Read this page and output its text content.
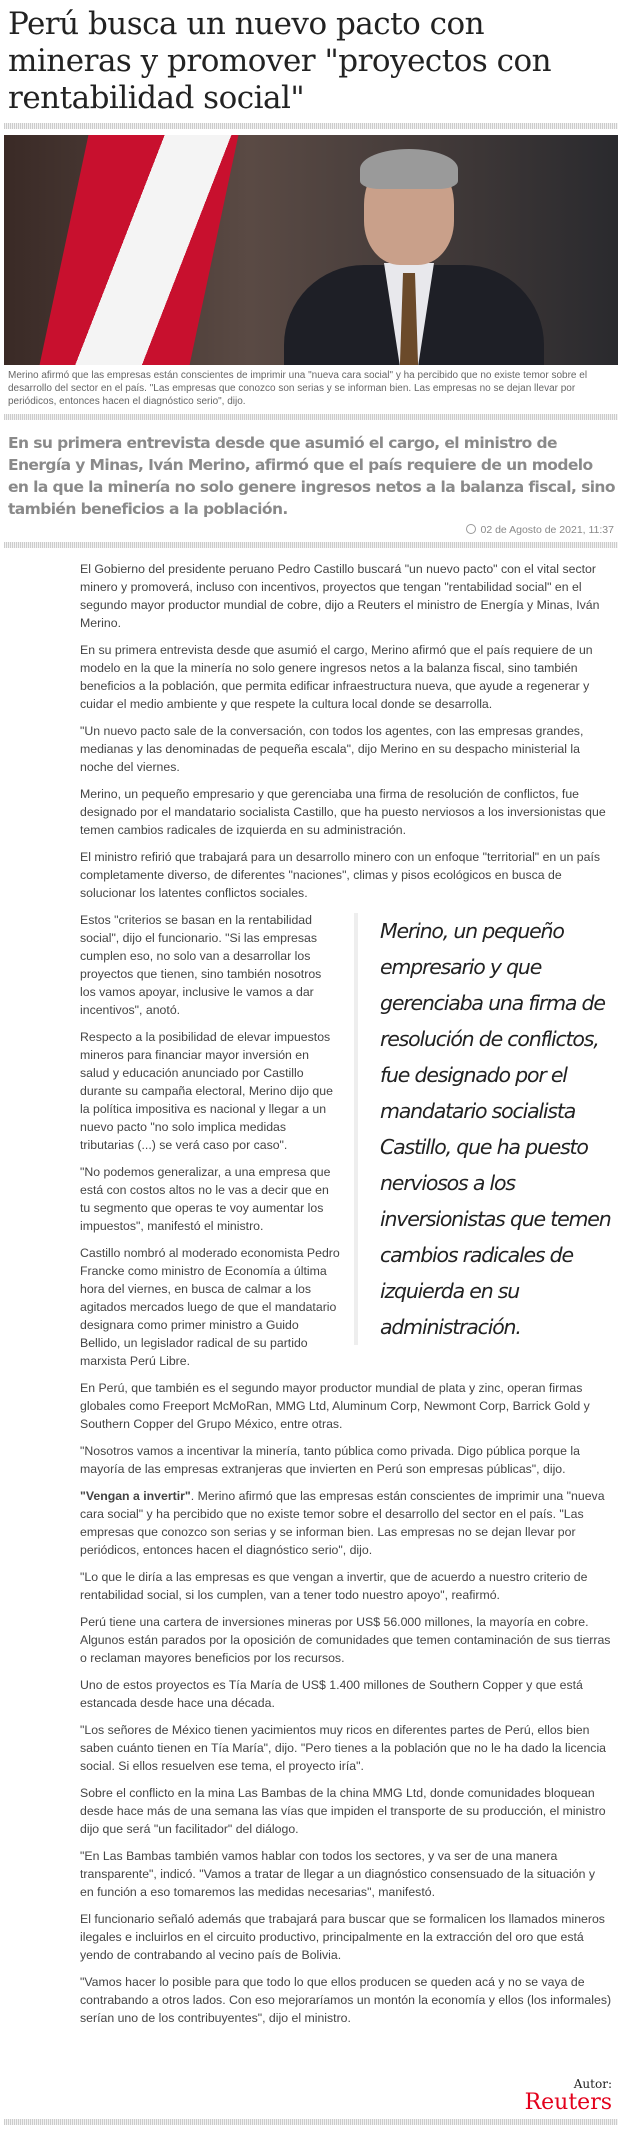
Perú busca un nuevo pacto con mineras y promover "proyectos con rentabilidad social"
Merino afirmó que las empresas están conscientes de imprimir una "nueva cara social" y ha percibido que no existe temor sobre el desarrollo del sector en el país. "Las empresas que conozco son serias y se informan bien. Las empresas no se dejan llevar por periódicos, entonces hacen el diagnóstico serio", dijo.
En su primera entrevista desde que asumió el cargo, el ministro de Energía y Minas, Iván Merino, afirmó que el país requiere de un modelo en la que la minería no solo genere ingresos netos a la balanza fiscal, sino también beneficios a la población.
02 de Agosto de 2021, 11:37

El Gobierno del presidente peruano Pedro Castillo buscará "un nuevo pacto" con el vital sector minero y promoverá, incluso con incentivos, proyectos que tengan "rentabilidad social" en el segundo mayor productor mundial de cobre, dijo a Reuters el ministro de Energía y Minas, Iván Merino.

En su primera entrevista desde que asumió el cargo, Merino afirmó que el país requiere de un modelo en la que la minería no solo genere ingresos netos a la balanza fiscal, sino también beneficios a la población, que permita edificar infraestructura nueva, que ayude a regenerar y cuidar el medio ambiente y que respete la cultura local donde se desarrolla.

"Un nuevo pacto sale de la conversación, con todos los agentes, con las empresas grandes, medianas y las denominadas de pequeña escala", dijo Merino en su despacho ministerial la noche del viernes.

Merino, un pequeño empresario y que gerenciaba una firma de resolución de conflictos, fue designado por el mandatario socialista Castillo, que ha puesto nerviosos a los inversionistas que temen cambios radicales de izquierda en su administración.

El ministro refirió que trabajará para un desarrollo minero con un enfoque "territorial" en un país completamente diverso, de diferentes "naciones", climas y pisos ecológicos en busca de solucionar los latentes conflictos sociales.

Merino, un pequeño empresario y que gerenciaba una firma de resolución de conflictos, fue designado por el mandatario socialista Castillo, que ha puesto nerviosos a los inversionistas que temen cambios radicales de izquierda en su administración.

Estos "criterios se basan en la rentabilidad social", dijo el funcionario. "Si las empresas cumplen eso, no solo van a desarrollar los proyectos que tienen, sino también nosotros los vamos apoyar, inclusive le vamos a dar incentivos", anotó.

Respecto a la posibilidad de elevar impuestos mineros para financiar mayor inversión en salud y educación anunciado por Castillo durante su campaña electoral, Merino dijo que la política impositiva es nacional y llegar a un nuevo pacto "no solo implica medidas tributarias (...) se verá caso por caso".

"No podemos generalizar, a una empresa que está con costos altos no le vas a decir que en tu segmento que operas te voy aumentar los impuestos", manifestó el ministro.

Castillo nombró al moderado economista Pedro Francke como ministro de Economía a última hora del viernes, en busca de calmar a los agitados mercados luego de que el mandatario designara como primer ministro a Guido Bellido, un legislador radical de su partido marxista Perú Libre.

En Perú, que también es el segundo mayor productor mundial de plata y zinc, operan firmas globales como Freeport McMoRan, MMG Ltd, Aluminum Corp, Newmont Corp, Barrick Gold y Southern Copper del Grupo México, entre otras.

"Nosotros vamos a incentivar la minería, tanto pública como privada. Digo pública porque la mayoría de las empresas extranjeras que invierten en Perú son empresas públicas", dijo.

"Vengan a invertir". Merino afirmó que las empresas están conscientes de imprimir una "nueva cara social" y ha percibido que no existe temor sobre el desarrollo del sector en el país. "Las empresas que conozco son serias y se informan bien. Las empresas no se dejan llevar por periódicos, entonces hacen el diagnóstico serio", dijo.

"Lo que le diría a las empresas es que vengan a invertir, que de acuerdo a nuestro criterio de rentabilidad social, si los cumplen, van a tener todo nuestro apoyo", reafirmó.

Perú tiene una cartera de inversiones mineras por US$ 56.000 millones, la mayoría en cobre. Algunos están parados por la oposición de comunidades que temen contaminación de sus tierras o reclaman mayores beneficios por los recursos.

Uno de estos proyectos es Tía María de US$ 1.400 millones de Southern Copper y que está estancada desde hace una década.

"Los señores de México tienen yacimientos muy ricos en diferentes partes de Perú, ellos bien saben cuánto tienen en Tía María", dijo. "Pero tienes a la población que no le ha dado la licencia social. Si ellos resuelven ese tema, el proyecto iría".

Sobre el conflicto en la mina Las Bambas de la china MMG Ltd, donde comunidades bloquean desde hace más de una semana las vías que impiden el transporte de su producción, el ministro dijo que será "un facilitador" del diálogo.

"En Las Bambas también vamos hablar con todos los sectores, y va ser de una manera transparente", indicó. "Vamos a tratar de llegar a un diagnóstico consensuado de la situación y en función a eso tomaremos las medidas necesarias", manifestó.

El funcionario señaló además que trabajará para buscar que se formalicen los llamados mineros ilegales e incluirlos en el circuito productivo, principalmente en la extracción del oro que está yendo de contrabando al vecino país de Bolivia.

"Vamos hacer lo posible para que todo lo que ellos producen se queden acá y no se vaya de contrabando a otros lados. Con eso mejoraríamos un montón la economía y ellos (los informales) serían uno de los contribuyentes", dijo el ministro.

Autor:
Reuters
